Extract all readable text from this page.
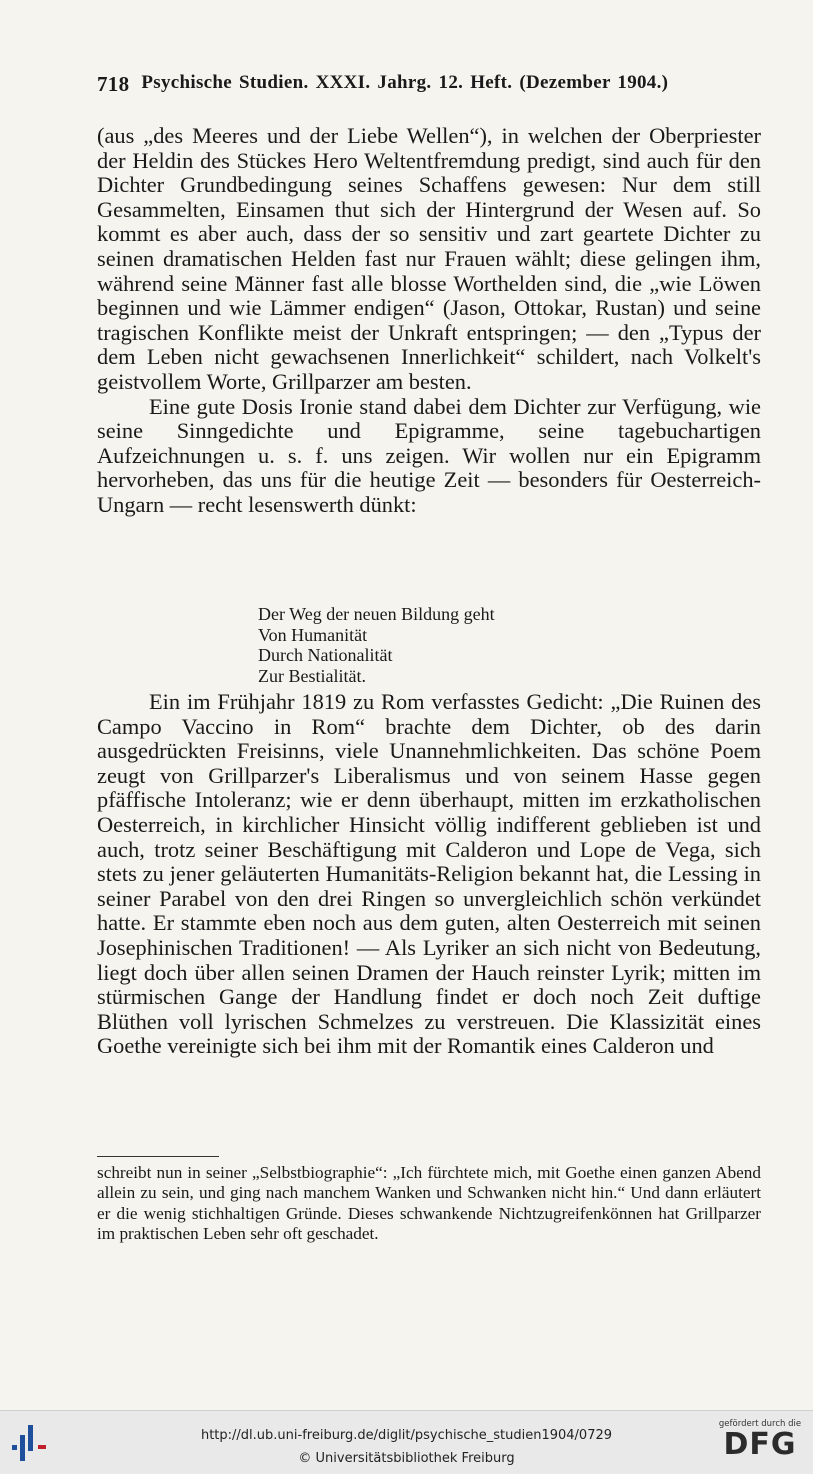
718 Psychische Studien. XXXI. Jahrg. 12. Heft. (Dezember 1904.)

(aus „des Meeres und der Liebe Wellen“), in welchen der Oberpriester der Heldin des Stückes Hero Weltentfremdung predigt, sind auch für den Dichter Grundbedingung seines Schaffens gewesen: Nur dem still Gesammelten, Einsamen thut sich der Hintergrund der Wesen auf. So kommt es aber auch, dass der so sensitiv und zart geartete Dichter zu seinen dramatischen Helden fast nur Frauen wählt; diese gelingen ihm, während seine Männer fast alle blosse Worthelden sind, die „wie Löwen beginnen und wie Lämmer endigen“ (Jason, Ottokar, Rustan) und seine tragischen Konflikte meist der Unkraft entspringen; — den „Typus der dem Leben nicht gewachsenen Innerlichkeit“ schildert, nach Volkelt's geistvollem Worte, Grillparzer am besten.

Eine gute Dosis Ironie stand dabei dem Dichter zur Verfügung, wie seine Sinngedichte und Epigramme, seine tagebuchartigen Aufzeichnungen u. s. f. uns zeigen. Wir wollen nur ein Epigramm hervorheben, das uns für die heutige Zeit — besonders für Oesterreich-Ungarn — recht lesenswerth dünkt:

Der Weg der neuen Bildung geht
Von Humanität
Durch Nationalität
Zur Bestialität.

Ein im Frühjahr 1819 zu Rom verfasstes Gedicht: „Die Ruinen des Campo Vaccino in Rom“ brachte dem Dichter, ob des darin ausgedrückten Freisinns, viele Unannehmlichkeiten. Das schöne Poem zeugt von Grillparzer's Liberalismus und von seinem Hasse gegen pfäffische Intoleranz; wie er denn überhaupt, mitten im erzkatholischen Oesterreich, in kirchlicher Hinsicht völlig indifferent geblieben ist und auch, trotz seiner Beschäftigung mit Calderon und Lope de Vega, sich stets zu jener geläuterten Humanitäts-Religion bekannt hat, die Lessing in seiner Parabel von den drei Ringen so unvergleichlich schön verkündet hatte. Er stammte eben noch aus dem guten, alten Oesterreich mit seinen Josephinischen Traditionen! — Als Lyriker an sich nicht von Bedeutung, liegt doch über allen seinen Dramen der Hauch reinster Lyrik; mitten im stürmischen Gange der Handlung findet er doch noch Zeit duftige Blüthen voll lyrischen Schmelzes zu verstreuen. Die Klassizität eines Goethe vereinigte sich bei ihm mit der Romantik eines Calderon und

schreibt nun in seiner „Selbstbiographie“: „Ich fürchtete mich, mit Goethe einen ganzen Abend allein zu sein, und ging nach manchem Wanken und Schwanken nicht hin.“ Und dann erläutert er die wenig stichhaltigen Gründe. Dieses schwankende Nichtzugreifenkönnen hat Grillparzer im praktischen Leben sehr oft geschadet.

http://dl.ub.uni-freiburg.de/diglit/psychische_studien1904/0729
© Universitätsbibliothek Freiburg
gefördert durch die
DFG
